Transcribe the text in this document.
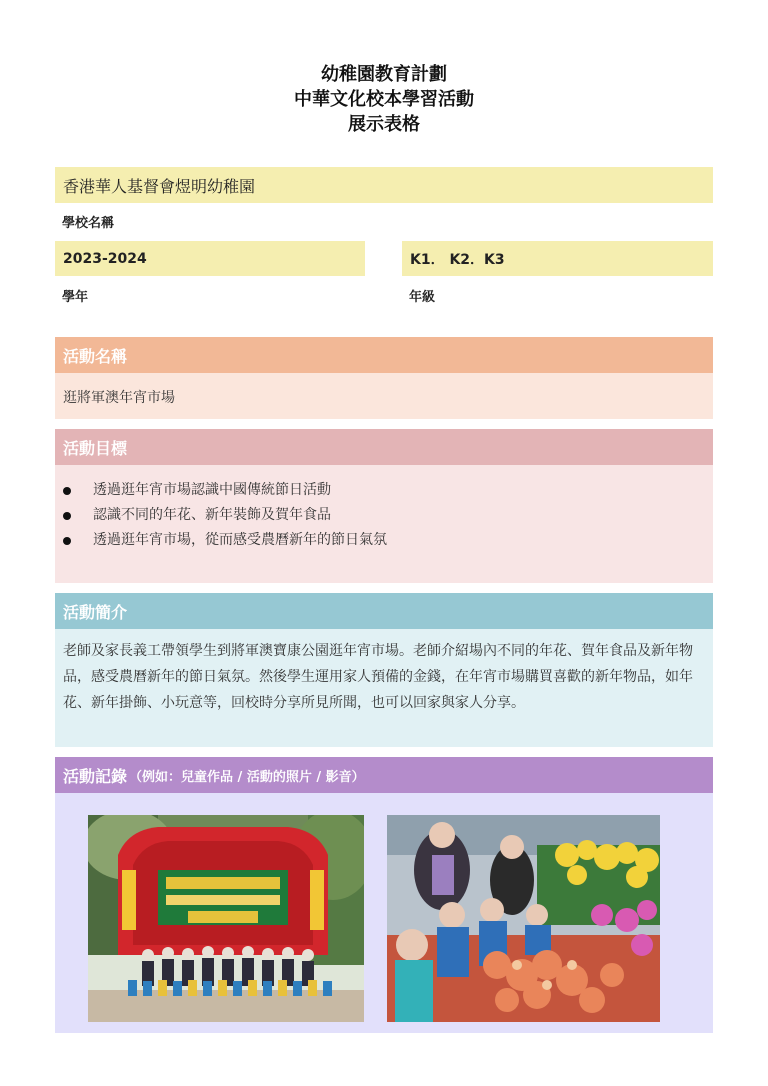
幼稚園教育計劃
中華文化校本學習活動
展示表格
香港華人基督會煜明幼稚園
學校名稱
2023-2024
學年
K1． K2．K3
年級
活動名稱
逛將軍澳年宵市場
活動目標
透過逛年宵市場認識中國傳統節日活動
認識不同的年花、新年裝飾及賀年食品
透過逛年宵市場，從而感受農曆新年的節日氣氛
活動簡介
老師及家長義工帶領學生到將軍澳寶康公園逛年宵市場。老師介紹場內不同的年花、賀年食品及新年物品，感受農曆新年的節日氣氛。然後學生運用家人預備的金錢，在年宵市場購買喜歡的新年物品，如年花、新年掛飾、小玩意等，回校時分享所見所聞，也可以回家與家人分享。
活動記錄 （例如：兒童作品 / 活動的照片 / 影音）
